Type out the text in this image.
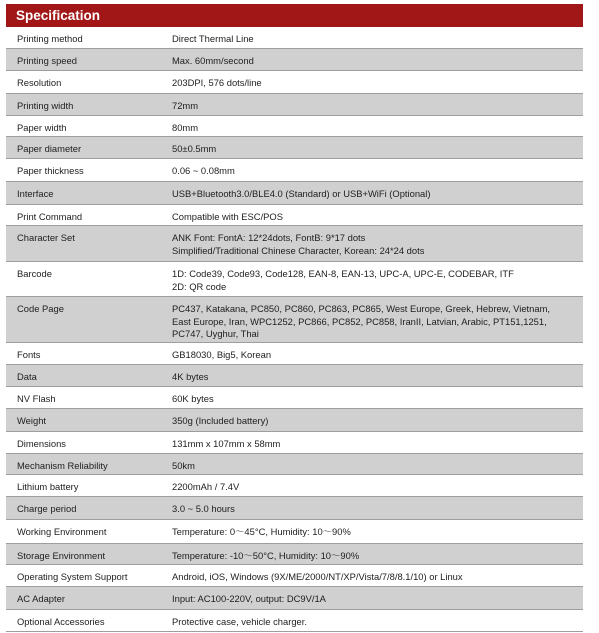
Specification
Printing method	Direct Thermal Line
Printing speed	Max. 60mm/second
Resolution	203DPI, 576 dots/line
Printing width	72mm
Paper width	80mm
Paper diameter	50±0.5mm
Paper thickness	0.06 ~ 0.08mm
Interface	USB+Bluetooth3.0/BLE4.0 (Standard) or USB+WiFi (Optional)
Print Command	Compatible with ESC/POS
Character Set	ANK Font: FontA: 12*24dots, FontB: 9*17 dots
Simplified/Traditional Chinese Character, Korean: 24*24 dots
Barcode	1D: Code39, Code93, Code128, EAN-8, EAN-13, UPC-A, UPC-E, CODEBAR, ITF
2D: QR code
Code Page	PC437, Katakana, PC850, PC860, PC863, PC865, West Europe, Greek, Hebrew, Vietnam,
East Europe, Iran, WPC1252, PC866, PC852, PC858, IranII, Latvian, Arabic, PT151,1251,
PC747, Uyghur, Thai
Fonts	GB18030, Big5, Korean
Data	4K bytes
NV Flash	60K bytes
Weight	350g (Included battery)
Dimensions	131mm x 107mm x 58mm
Mechanism Reliability	50km
Lithium battery	2200mAh / 7.4V
Charge period	3.0 ~ 5.0 hours
Working Environment	Temperature: 0～45°C, Humidity: 10～90%
Storage Environment	Temperature: -10～50°C, Humidity: 10～90%
Operating System Support	Android, iOS, Windows (9X/ME/2000/NT/XP/Vista/7/8/8.1/10) or Linux
AC Adapter	Input: AC100-220V, output: DC9V/1A
Optional Accessories	Protective case, vehicle charger.
